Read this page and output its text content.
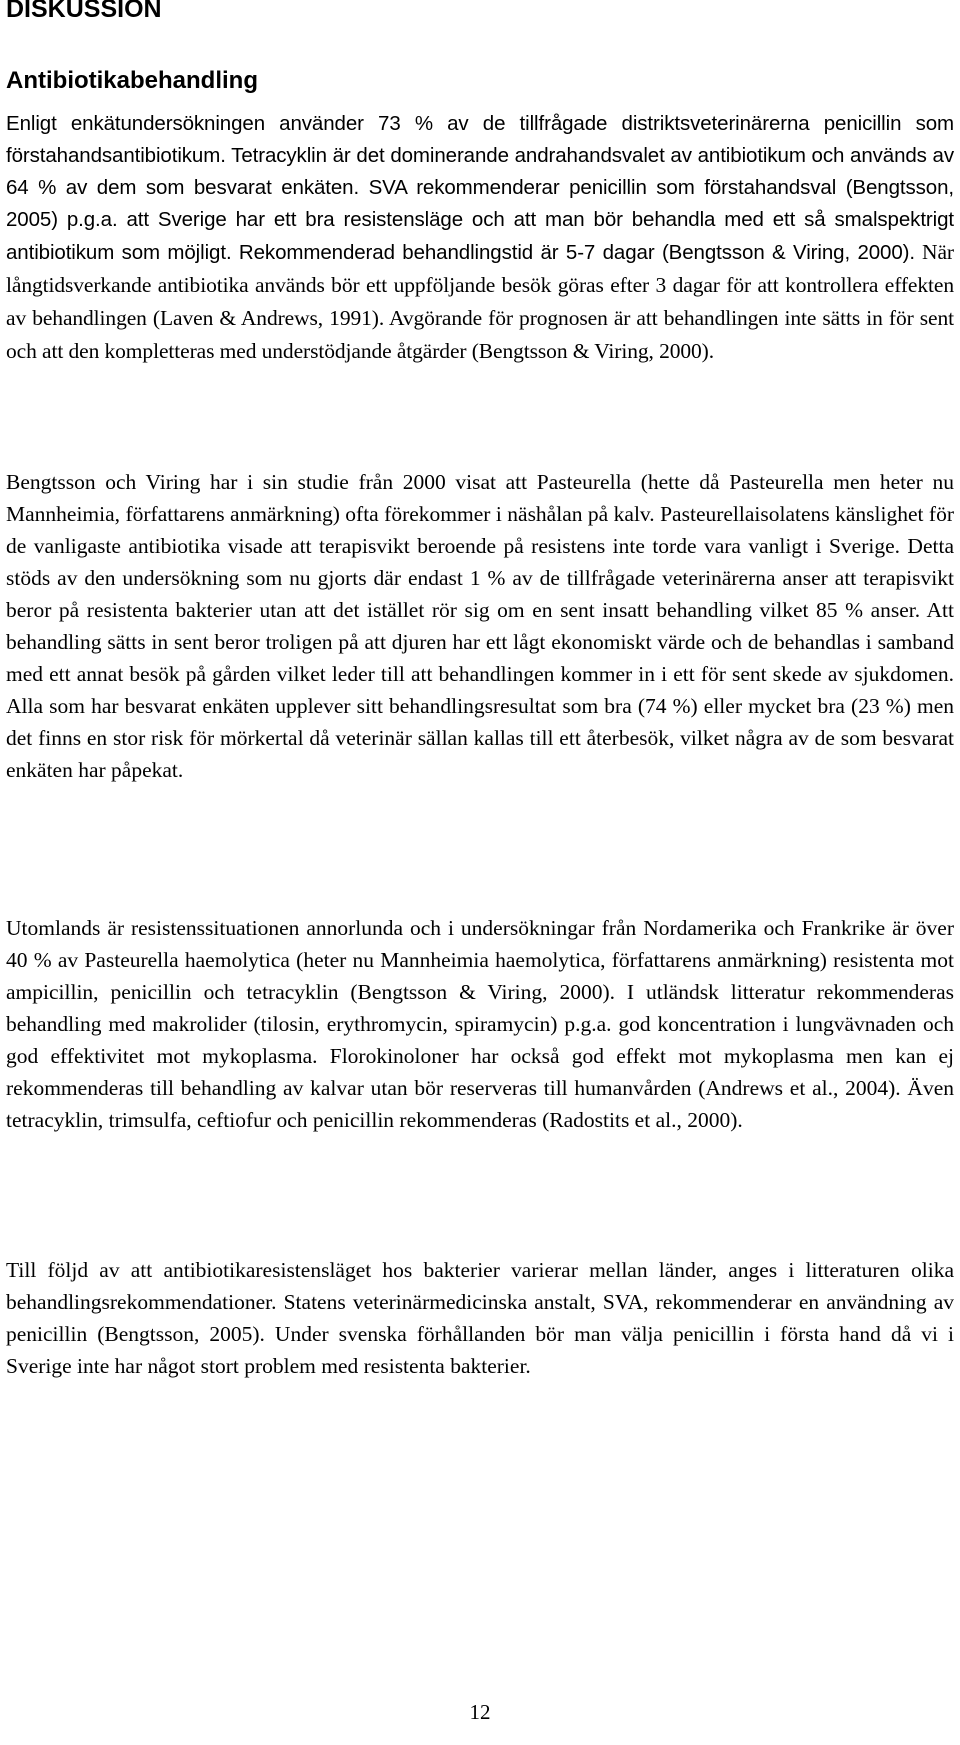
DISKUSSION
Antibiotikabehandling

Enligt enkätundersökningen använder 73 % av de tillfrågade distriktsveterinärerna penicillin som förstahandsantibiotikum. Tetracyklin är det dominerande andrahandsvalet av antibiotikum och används av 64 % av dem som besvarat enkäten. SVA rekommenderar penicillin som förstahandsval (Bengtsson, 2005) p.g.a. att Sverige har ett bra resistensläge och att man bör behandla med ett så smalspektrigt antibiotikum som möjligt. Rekommenderad behandlingstid är 5-7 dagar (Bengtsson & Viring, 2000). När långtidsverkande antibiotika används bör ett uppföljande besök göras efter 3 dagar för att kontrollera effekten av behandlingen (Laven & Andrews, 1991). Avgörande för prognosen är att behandlingen inte sätts in för sent och att den kompletteras med understödjande åtgärder (Bengtsson & Viring, 2000).

Bengtsson och Viring har i sin studie från 2000 visat att Pasteurella (hette då Pasteurella men heter nu Mannheimia, författarens anmärkning) ofta förekommer i näshålan på kalv. Pasteurellaisolatens känslighet för de vanligaste antibiotika visade att terapisvikt beroende på resistens inte torde vara vanligt i Sverige. Detta stöds av den undersökning som nu gjorts där endast 1 % av de tillfrågade veterinärerna anser att terapisvikt beror på resistenta bakterier utan att det istället rör sig om en sent insatt behandling vilket 85 % anser. Att behandling sätts in sent beror troligen på att djuren har ett lågt ekonomiskt värde och de behandlas i samband med ett annat besök på gården vilket leder till att behandlingen kommer in i ett för sent skede av sjukdomen. Alla som har besvarat enkäten upplever sitt behandlingsresultat som bra (74 %) eller mycket bra (23 %) men det finns en stor risk för mörkertal då veterinär sällan kallas till ett återbesök, vilket några av de som besvarat enkäten har påpekat.

Utomlands är resistenssituationen annorlunda och i undersökningar från Nordamerika och Frankrike är över 40 % av Pasteurella haemolytica (heter nu Mannheimia haemolytica, författarens anmärkning) resistenta mot ampicillin, penicillin och tetracyklin (Bengtsson & Viring, 2000). I utländsk litteratur rekommenderas behandling med makrolider (tilosin, erythromycin, spiramycin) p.g.a. god koncentration i lungvävnaden och god effektivitet mot mykoplasma. Florokinoloner har också god effekt mot mykoplasma men kan ej rekommenderas till behandling av kalvar utan bör reserveras till humanvården (Andrews et al., 2004). Även tetracyklin, trimsulfa, ceftiofur och penicillin rekommenderas (Radostits et al., 2000).

Till följd av att antibiotikaresistensläget hos bakterier varierar mellan länder, anges i litteraturen olika behandlingsrekommendationer. Statens veterinärmedicinska anstalt, SVA, rekommenderar en användning av penicillin (Bengtsson, 2005). Under svenska förhållanden bör man välja penicillin i första hand då vi i Sverige inte har något stort problem med resistenta bakterier.

12
